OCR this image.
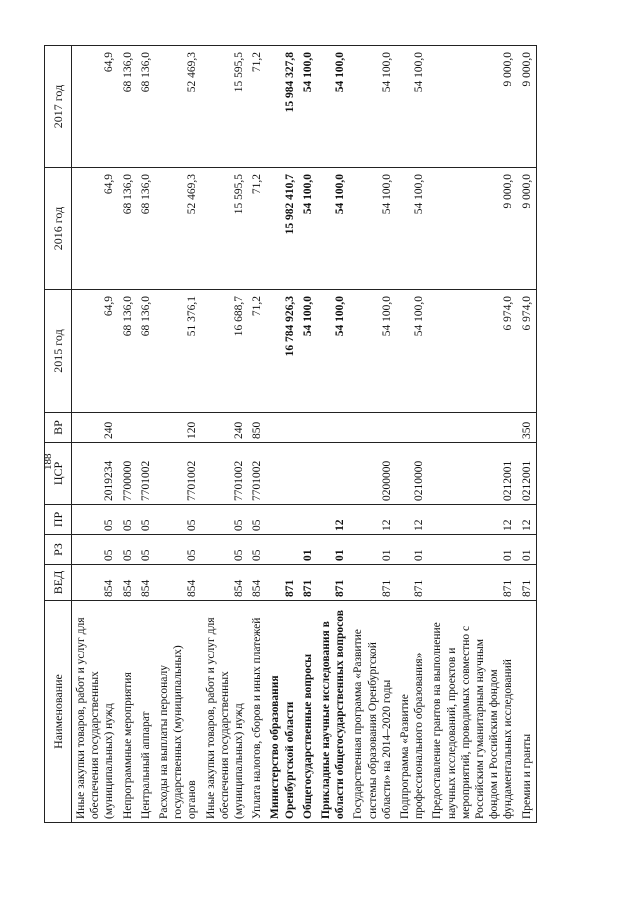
188
Наименование	ВЕД	РЗ	ПР	ЦСР	ВР	2015 год	2016 год	2017 год
Иные закупки товаров, работ и услуг для обеспечения государственных (муниципальных) нужд	854	05	05	2019234	240	64,9	64,9	64,9
Непрограммные мероприятия	854	05	05	7700000		68 136,0	68 136,0	68 136,0
Центральный аппарат	854	05	05	7701002		68 136,0	68 136,0	68 136,0
Расходы на выплаты персоналу государственных (муниципальных) органов	854	05	05	7701002	120	51 376,1	52 469,3	52 469,3
Иные закупки товаров, работ и услуг для обеспечения государственных (муниципальных) нужд	854	05	05	7701002	240	16 688,7	15 595,5	15 595,5
Уплата налогов, сборов и иных платежей	854	05	05	7701002	850	71,2	71,2	71,2
Министерство образования Оренбургской области	871					16 784 926,3	15 982 410,7	15 984 327,8
Общегосударственные вопросы	871	01				54 100,0	54 100,0	54 100,0
Прикладные научные исследования в области общегосударственных вопросов	871	01	12			54 100,0	54 100,0	54 100,0
Государственная программа «Развитие системы образования Оренбургской области» на 2014–2020 годы	871	01	12	0200000		54 100,0	54 100,0	54 100,0
Подпрограмма «Развитие профессионального образования»	871	01	12	0210000		54 100,0	54 100,0	54 100,0
Предоставление грантов на выполнение научных исследований, проектов и мероприятий, проводимых совместно с Российским гуманитарным научным фондом и Российским фондом фундаментальных исследований	871	01	12	0212001		6 974,0	9 000,0	9 000,0
Премии и гранты	871	01	12	0212001	350	6 974,0	9 000,0	9 000,0
